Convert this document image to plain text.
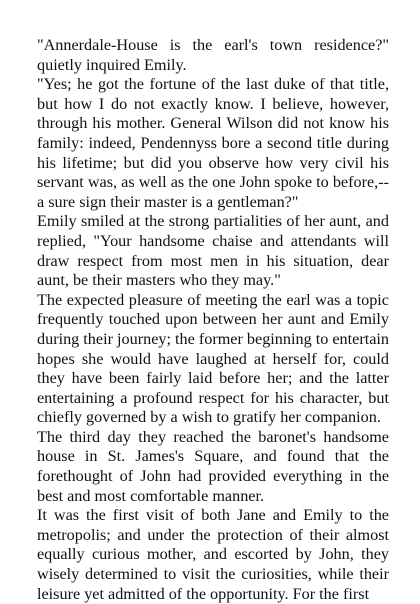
"Annerdale-House is the earl's town residence?" quietly inquired Emily.

"Yes; he got the fortune of the last duke of that title, but how I do not exactly know. I believe, however, through his mother. General Wilson did not know his family: indeed, Pendennyss bore a second title during his lifetime; but did you observe how very civil his servant was, as well as the one John spoke to before,--a sure sign their master is a gentleman?"

Emily smiled at the strong partialities of her aunt, and replied, "Your handsome chaise and attendants will draw respect from most men in his situation, dear aunt, be their masters who they may."

The expected pleasure of meeting the earl was a topic frequently touched upon between her aunt and Emily during their journey; the former beginning to entertain hopes she would have laughed at herself for, could they have been fairly laid before her; and the latter entertaining a profound respect for his character, but chiefly governed by a wish to gratify her companion.

The third day they reached the baronet's handsome house in St. James's Square, and found that the forethought of John had provided everything in the best and most comfortable manner.

It was the first visit of both Jane and Emily to the metropolis; and under the protection of their almost equally curious mother, and escorted by John, they wisely determined to visit the curiosities, while their leisure yet admitted of the opportunity. For the first
